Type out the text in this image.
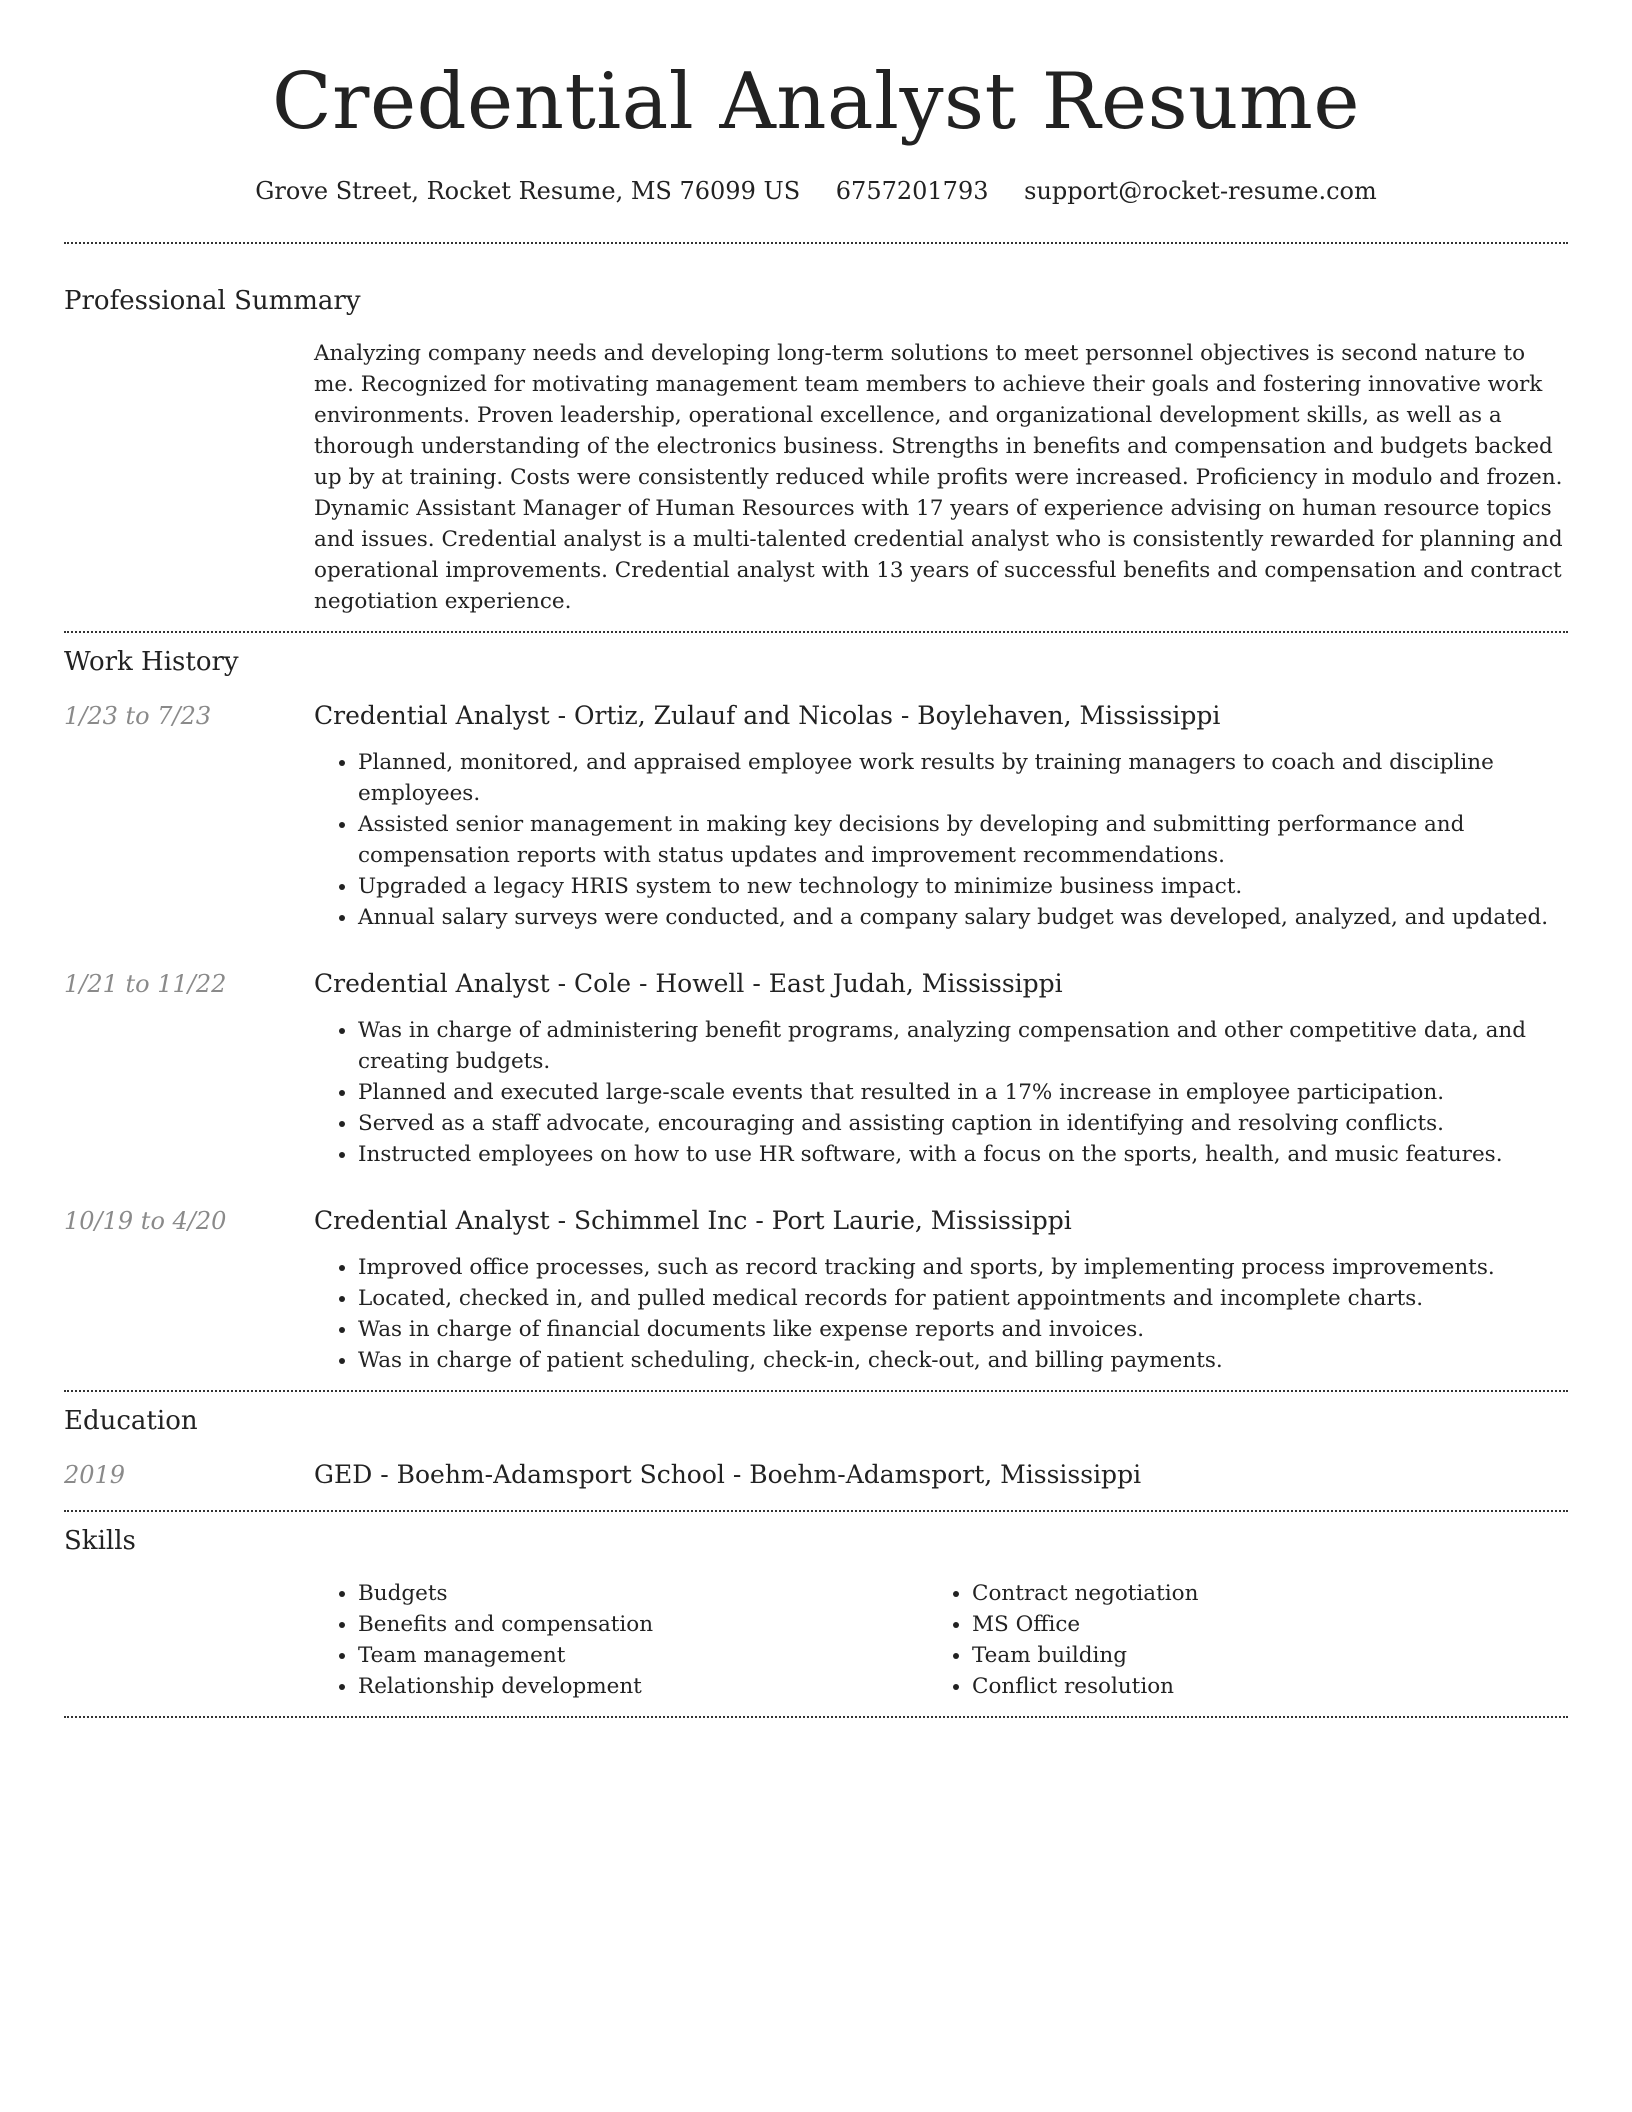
Credential Analyst Resume
Grove Street, Rocket Resume, MS 76099 US 6757201793 support@rocket-resume.com
Professional Summary
Analyzing company needs and developing long-term solutions to meet personnel objectives is second nature to me. Recognized for motivating management team members to achieve their goals and fostering innovative work environments. Proven leadership, operational excellence, and organizational development skills, as well as a thorough understanding of the electronics business. Strengths in benefits and compensation and budgets backed up by at training. Costs were consistently reduced while profits were increased. Proficiency in modulo and frozen. Dynamic Assistant Manager of Human Resources with 17 years of experience advising on human resource topics and issues. Credential analyst is a multi-talented credential analyst who is consistently rewarded for planning and operational improvements. Credential analyst with 13 years of successful benefits and compensation and contract negotiation experience.
Work History
1/23 to 7/23	Credential Analyst - Ortiz, Zulauf and Nicolas - Boylehaven, Mississippi
• Planned, monitored, and appraised employee work results by training managers to coach and discipline employees.
• Assisted senior management in making key decisions by developing and submitting performance and compensation reports with status updates and improvement recommendations.
• Upgraded a legacy HRIS system to new technology to minimize business impact.
• Annual salary surveys were conducted, and a company salary budget was developed, analyzed, and updated.
1/21 to 11/22	Credential Analyst - Cole - Howell - East Judah, Mississippi
• Was in charge of administering benefit programs, analyzing compensation and other competitive data, and creating budgets.
• Planned and executed large-scale events that resulted in a 17% increase in employee participation.
• Served as a staff advocate, encouraging and assisting caption in identifying and resolving conflicts.
• Instructed employees on how to use HR software, with a focus on the sports, health, and music features.
10/19 to 4/20	Credential Analyst - Schimmel Inc - Port Laurie, Mississippi
• Improved office processes, such as record tracking and sports, by implementing process improvements.
• Located, checked in, and pulled medical records for patient appointments and incomplete charts.
• Was in charge of financial documents like expense reports and invoices.
• Was in charge of patient scheduling, check-in, check-out, and billing payments.
Education
2019	GED - Boehm-Adamsport School - Boehm-Adamsport, Mississippi
Skills
• Budgets
• Benefits and compensation
• Team management
• Relationship development
• Contract negotiation
• MS Office
• Team building
• Conflict resolution
